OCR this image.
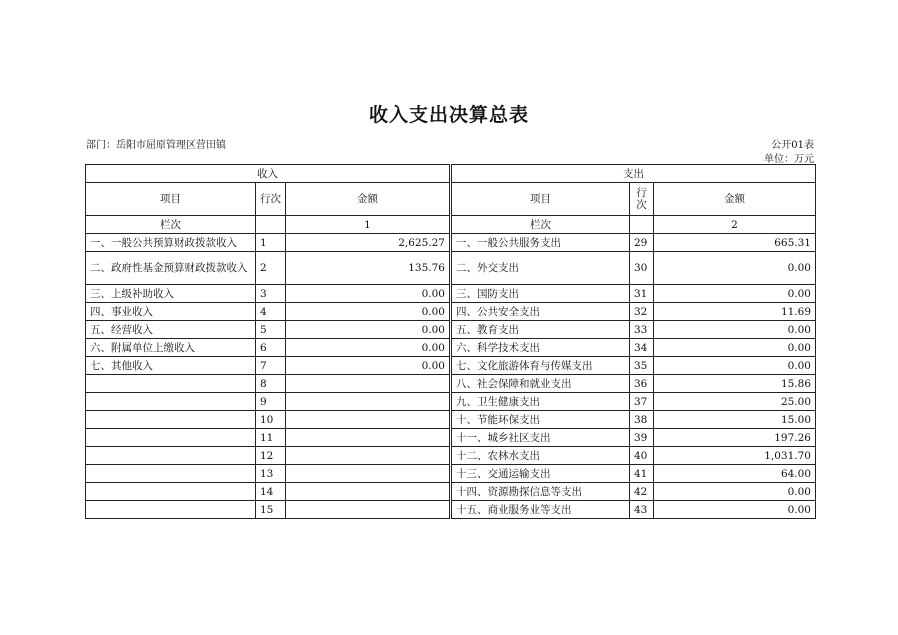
收入支出决算总表
部门：岳阳市屈原管理区营田镇	公开01表
单位：万元
收入				支出		
项目	行次	金额		项目	行次	金额
栏次		1		栏次		2
一、一般公共预算财政拨款收入	1	2,625.27		一、一般公共服务支出	29	665.31
二、政府性基金预算财政拨款收入	2	135.76		二、外交支出	30	0.00
三、上级补助收入	3	0.00		三、国防支出	31	0.00
四、事业收入	4	0.00		四、公共安全支出	32	11.69
五、经营收入	5	0.00		五、教育支出	33	0.00
六、附属单位上缴收入	6	0.00		六、科学技术支出	34	0.00
七、其他收入	7	0.00		七、文化旅游体育与传媒支出	35	0.00
	8			八、社会保障和就业支出	36	15.86
	9			九、卫生健康支出	37	25.00
	10			十、节能环保支出	38	15.00
	11			十一、城乡社区支出	39	197.26
	12			十二、农林水支出	40	1,031.70
	13			十三、交通运输支出	41	64.00
	14			十四、资源勘探信息等支出	42	0.00
	15			十五、商业服务业等支出	43	0.00
